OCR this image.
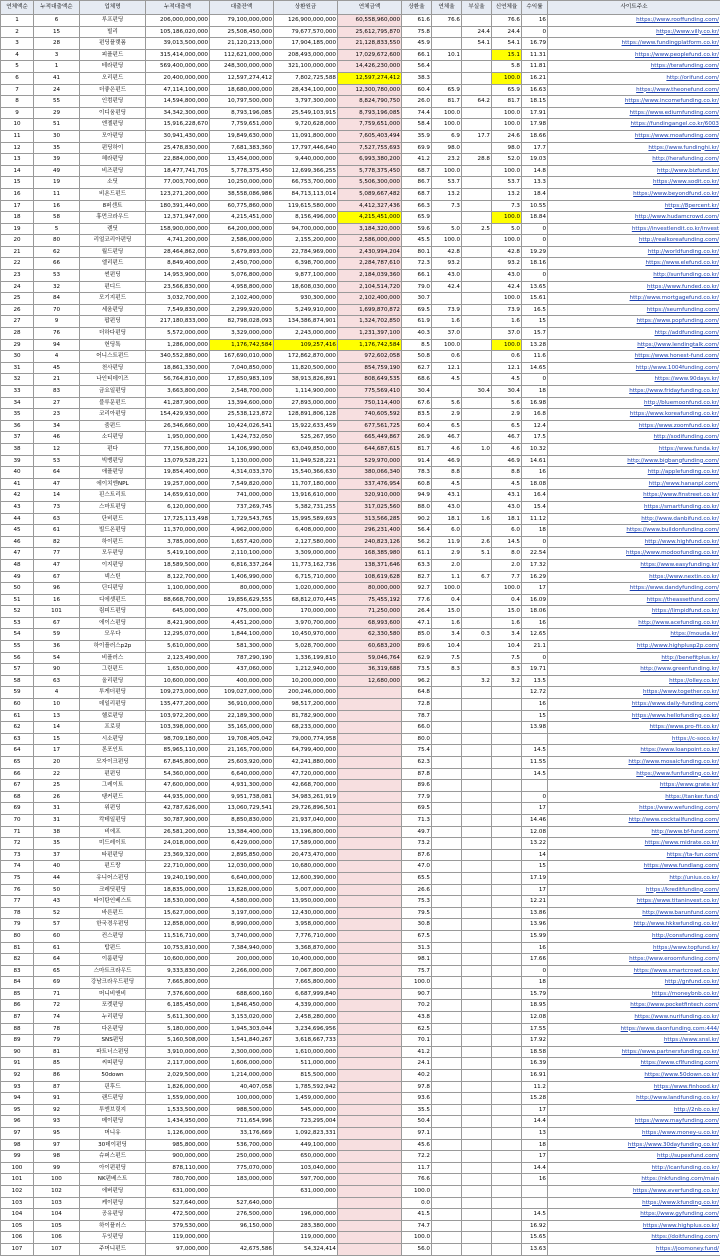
연체액순	누적대출액순	업체명	누적대출액	대출잔액	상환원금	연체금액	상환율	연체율	부실율	신연체율	수익률	사이트주소
1	6	루프펀딩	206,000,000,000	79,100,000,000	126,900,000,000	60,558,960,000	61.6	76.6		76.6	16	https://www.rooffunding.com/
2	15	빌리	105,186,020,000	25,508,450,000	79,677,570,000	25,612,795,870	75.8		24.4	24.4	0	https://www.villy.co.kr/
3	28	펀딩플랫폼	39,013,500,000	21,120,213,000	17,904,185,000	21,128,833,550	45.9		54.1	54.1	16.79	https://www.fundingplatform.co.kr/
4	3	피플펀드	315,414,000,000	112,621,000,000	208,493,000,000	17,029,672,600	66.1	10.1		15.1	11.31	https://www.peoplefund.co.kr/
5	1	테라펀딩	569,400,000,000	248,300,000,000	321,100,000,000	14,426,230,000	56.4			5.8	11.81	https://terafunding.com/
6	41	오리펀드	20,400,000,000	12,597,274,412	7,802,725,588	12,597,274,412	38.3			100.0	16.21	http://orifund.com/
7	24	더좋은펀드	47,114,100,000	18,680,000,000	28,434,100,000	12,300,780,000	60.4	65.9		65.9	16.63	https://www.theonefund.com/
8	55	인컴펀딩	14,594,800,000	10,797,500,000	3,797,300,000	8,824,790,750	26.0	81.7	64.2	81.7	18.15	https://www.incomefunding.co.kr/
9	29	이디움펀딩	34,342,300,000	8,793,196,085	25,549,103,915	8,793,196,085	74.4	100.0		100.0	17.91	https://www.ediumfunding.com/
10	51	엔젤펀딩	15,916,228,670	7,759,651,000	9,720,628,000	7,759,651,000	58.4	100.0		100.0	17.98	https://fundingangel.co.kr/6003
11	30	모아펀딩	30,941,430,000	19,849,630,000	11,091,800,000	7,605,403,494	35.9	6.9	17.7	24.6	18.66	https://www.moafunding.com/
12	35	펀딩하이	25,478,830,000	7,681,383,360	17,797,446,640	7,527,755,693	69.9	98.0		98.0	17.7	https://www.fundinghi.kr/
13	39	헤라펀딩	22,884,000,000	13,454,000,000	9,440,000,000	6,993,380,200	41.2	23.2	28.8	52.0	19.03	http://herafunding.com/
14	49	비즈펀딩	18,477,741,705	5,778,375,450	12,699,366,255	5,778,375,450	68.7	100.0		100.0	14.8	http://www.bizfund.kr/
15	19	소딧	77,003,700,000	10,250,000,000	66,753,700,000	5,506,300,000	86.7	53.7		53.7	13.3	https://www.sodit.co.kr/
16	11	비욘드펀드	123,271,200,000	38,558,086,986	84,713,113,014	5,089,667,482	68.7	13.2		13.2	18.4	https://www.beyondfund.co.kr/
17	16	8퍼센트	180,391,440,000	60,775,860,000	119,615,580,000	4,412,327,436	66.3	7.3		7.3	10.55	https://8percent.kr/
18	58	휴먼크라우드	12,371,947,000	4,215,451,000	8,156,496,000	4,215,451,000	65.9			100.0	18.84	http://www.hudamcrowd.com/
19	5	렌딧	158,900,000,000	64,200,000,000	94,700,000,000	3,184,320,000	59.6	5.0	2.5	5.0	0	https://investlendit.co.kr/invest
20	80	리얼코리아펀딩	4,741,200,000	2,586,000,000	2,155,200,000	2,586,000,000	45.5	100.0		100.0	0	http://realkoreafunding.com/
21	62	월드펀딩	28,464,862,000	5,679,893,000	22,784,969,000	2,430,994,204	80.1	42.8		42.8	19.29	http://worldfunding.co.kr/
22	66	엘리펀드	8,849,400,000	2,450,700,000	6,398,700,000	2,284,787,610	72.3	93.2		93.2	18.16	https://www.elefund.co.kr/
23	53	썬펀딩	14,953,900,000	5,076,800,000	9,877,100,000	2,184,039,360	66.1	43.0		43.0	0	http://sunfunding.co.kr/
24	32	펀디드	23,566,830,000	4,958,800,000	18,608,030,000	2,104,514,720	79.0	42.4		42.4	13.65	https://www.funded.co.kr/
25	84	모기지펀드	3,032,700,000	2,102,400,000	930,300,000	2,102,400,000	30.7			100.0	15.61	http://www.mortgagefund.co.kr/
26	70	세움펀딩	7,549,830,000	2,299,920,000	5,249,910,000	1,699,870,872	69.5	73.9		73.9	16.5	https://seumfunding.com/
27	9	팝펀딩	217,180,833,000	82,798,028,093	134,386,874,901	1,324,702,850	61.9	1.6		1.6	15	https://www.popfunding.com/
28	76	더하다펀딩	5,572,000,000	3,329,000,000	2,243,000,000	1,231,397,100	40.3	37.0		37.0	15.7	http://addfunding.com/
29	94	헌딩톡	1,286,000,000	1,176,742,584	109,257,416	1,176,742,584	8.5	100.0		100.0	13.28	https://www.lendingtalk.com/
30	4	어니스트펀드	340,552,880,000	167,690,010,000	172,862,870,000	972,602,058	50.8	0.6		0.6	11.6	https://www.honest-fund.com/
31	45	천사펀딩	18,861,330,000	7,040,850,000	11,820,500,000	854,759,190	62.7	12.1		12.1	14.65	http://www.1004funding.com/
32	21	나인티데이즈	56,764,810,000	17,850,983,109	38,913,826,891	808,649,535	68.6	4.5		4.5	0	https://www.90days.kr/
33	83	금요일펀딩	3,663,800,000	2,548,700,000	1,114,900,000	775,569,410	30.4		30.4	30.4	18	https://www.fridayfunding.co.kr/
34	27	블루문펀드	41,287,900,000	13,394,600,000	27,893,000,000	750,114,400	67.6	5.6		5.6	16.98	http://bluemoonfund.co.kr/
35	23	코리아펀딩	154,429,930,000	25,538,123,872	128,891,806,128	740,605,592	83.5	2.9		2.9	16.8	https://www.koreafunding.co.kr/
36	34	줌펀드	26,346,660,000	10,424,026,541	15,922,633,459	677,561,725	60.4	6.5		6.5	12.4	https://www.zoomfund.co.kr/
37	46	소디펀딩	1,950,000,000	1,424,732,050	525,267,950	665,449,867	26.9	46.7		46.7	17.5	http://sodifunding.com/
38	12	펀다	77,156,800,000	14,106,990,000	63,049,850,000	644,687,615	81.7	4.6	1.0	4.6	10.32	https://www.funda.kr/
39	53	빅뱅펀딩	13,079,528,221	1,130,000,000	11,949,528,221	529,970,000	91.4	46.9		46.9	14.61	http://www.bigbangfunding.com/
40	64	애플펀딩	19,854,400,000	4,314,033,370	15,540,366,630	380,066,340	78.3	8.8		8.8	16	http://applefunding.co.kr/
41	47	에이치엔NPL	19,257,000,000	7,549,820,000	11,707,180,000	337,476,954	60.8	4.5		4.5	18.08	http://www.hananpl.com/
42	14	핀스트리트	14,659,610,000	741,000,000	13,916,610,000	320,910,000	94.9	43.1		43.1	16.4	https://www.finstreet.co.kr/
43	73	스마트펀딩	6,120,000,000	737,269,745	5,382,731,255	317,025,560	88.0	43.0		43.0	15.4	https://smartfunding.co.kr/
44	63	단비펀드	17,725,113,498	1,729,543,765	15,995,589,693	313,566,285	90.2	18.1	1.6	18.1	11.12	http://www.danbifund.co.kr/
45	61	빌드온펀딩	11,370,000,000	4,962,000,000	6,408,000,000	296,231,400	56.4	6.0		6.0	18	https://www.buildonfunding.com/
46	82	하이펀드	3,785,000,000	1,657,420,000	2,127,580,000	240,823,126	56.2	11.9	2.6	14.5	0	http://www.highfund.co.kr/
47	77	모두펀딩	5,419,100,000	2,110,100,000	3,309,000,000	168,385,980	61.1	2.9	5.1	8.0	22.54	https://www.modoofunding.co.kr/
48	47	이지펀딩	18,589,500,000	6,816,337,264	11,773,162,736	138,371,646	63.3	2.0		2.0	17.32	https://www.easyfunding.kr/
49	67	넥스틴	8,122,700,000	1,406,990,000	6,715,710,000	108,619,628	82.7	1.1	6.7	7.7	16.29	https://www.nextin.co.kr/
50	96	딘디펀딩	1,100,000,000	80,000,000	1,020,000,000	80,000,000	92.7	100.0		100.0	17	https://www.dandyfunding.com/
51	16	디에셋펀드	88,668,700,000	19,856,629,555	68,812,070,445	75,455,192	77.6	0.4		0.4	16.09	https://theassetfund.com/
52	101	림피드펀딩	645,000,000	475,000,000	170,000,000	71,250,000	26.4	15.0		15.0	18.06	https://limpidfund.co.kr/
53	67	에이스펀딩	8,421,900,000	4,451,200,000	3,970,700,000	68,993,600	47.1	1.6		1.6	16	http://www.acefunding.co.kr/
54	59	모우다	12,295,070,000	1,844,100,000	10,450,970,000	62,330,580	85.0	3.4	0.3	3.4	12.65	https://mouda.kr/
55	36	하이플러스p2p	5,610,000,000	581,300,000	5,028,700,000	60,683,200	89.6	10.4		10.4	21.1	http://www.highplusp2p.com/
56	54	비플러스	2,123,490,000	787,290,190	1,336,199,810	59,046,764	62.9	7.5		7.5	0	http://benefitplus.kr/
57	90	그린펀드	1,650,000,000	437,060,000	1,212,940,000	36,319,688	73.5	8.3		8.3	19.71	http://www.greenfunding.kr/
58	63	올리펀딩	10,600,000,000	400,000,000	10,200,000,000	12,680,000	96.2		3.2	3.2	13.5	https://olley.co.kr/
59	4	투게더펀딩	109,273,000,000	109,027,000,000	200,246,000,000		64.8				12.72	https://www.together.co.kr/
60	10	데일리펀딩	135,477,200,000	36,910,000,000	98,517,200,000		72.8				16	https://www.daily-funding.com/
61	13	헬로펀딩	103,972,200,000	22,189,300,000	81,782,900,000		78.7				15	https://www.hellofunding.co.kr/
62	14	프로핏	103,398,000,000	35,165,000,000	68,233,000,000		66.0				13.98	https://www.pro-fit.co.kr/
63	15	시소펀딩	98,709,180,000	19,708,405,042	79,000,774,958		80.0					https://c-soco.kr/
64	17	론포인트	85,965,110,000	21,165,700,000	64,799,400,000		75.4				14.5	https://www.loanpoint.co.kr/
65	20	모자이크펀딩	67,845,800,000	25,603,920,000	42,241,880,000		62.3				11.55	http://www.mosaicfunding.co.kr/
66	22	펀펀딩	54,360,000,000	6,640,000,000	47,720,000,000		87.8				14.5	https://www.funfunding.co.kr/
67	25	그레이트	47,600,000,000	4,931,300,000	42,668,700,000		89.6					https://www.grate.kr/
68	26	탱커펀드	44,935,000,000	9,951,738,081	34,983,261,919		77.9				0	https://tanker.fund/
69	31	위펀딩	42,787,626,000	13,060,729,541	29,726,896,501		69.5				17	https://www.wefunding.com/
70	31	칵테일펀딩	30,787,900,000	8,850,830,000	21,937,040,000		71.3				14.46	http://www.cocktailfunding.com/
71	38	비에프	26,581,200,000	13,384,400,000	13,196,800,000		49.7				12.08	http://www.bf-fund.com/
72	35	미드레이트	24,018,000,000	6,429,000,000	17,589,000,000		73.2				13.22	https://www.midrate.co.kr/
73	37	타펀펀딩	23,369,320,000	2,895,850,000	20,473,470,000		87.6				14	https://ta-fun.com/
74	40	펀드랑	22,710,000,000	12,030,000,000	10,680,000,000		47.0				15	https://www.fundlang.com/
75	44	유니어스펀딩	19,240,190,000	6,640,000,000	12,600,390,000		65.5				17.19	http://unius.co.kr/
76	50	크레딧펀딩	18,835,000,000	13,828,000,000	5,007,000,000		26.6				17	https://kreditfunding.com/
77	43	타이탄인베스트	18,530,000,000	4,580,000,000	13,950,000,000		75.3				12.21	https://www.titaninvest.co.kr/
78	52	바른펀드	15,627,000,000	3,197,000,000	12,430,000,000		79.5				13.86	http://www.barunfund.com/
79	57	한국경우펀딩	12,858,000,000	8,990,000,000	3,958,000,000		30.8				13.96	http://www.hkkwfunding.co.kr/
80	60	컨스펀딩	11,516,710,000	3,740,000,000	7,776,710,000		67.5				15.99	http://consfunding.com/
81	61	탑펀드	10,753,810,000	7,384,940,000	3,368,870,000		31.3				16	https://www.topfund.kr/
82	64	이룸펀딩	10,600,000,000	200,000,000	10,400,000,000		98.1				17.66	https://www.eroomfunding.com/
83	65	스마트크라우드	9,333,830,000	2,266,000,000	7,067,800,000		75.7				0	https://www.smartcrowd.co.kr/
84	69	강남크라우드펀딩	7,665,800,000		7,665,800,000		100.0				18	http://gnfund.co.kr/
85	71	머니비앤비	7,376,600,000	688,600,160	6,687,999,840		90.7				15.79	https://moneybnb.co.kr/
86	72	포켓펀딩	6,185,450,000	1,846,450,000	4,339,000,000		70.2				18.95	https://www.pocketfintech.com/
87	74	누리펀딩	5,611,300,000	3,153,020,000	2,458,280,000		43.8				12.08	https://www.nurifunding.co.kr/
88	78	다온펀딩	5,180,000,000	1,945,303,044	3,234,696,956		62.5				17.55	https://www.daonfunding.com:444/
89	79	SNS펀딩	5,160,508,000	1,541,840,267	3,618,667,733		70.1				17.92	https://www.snsl.kr/
90	81	파트너스펀딩	3,910,000,000	2,300,000,000	1,610,000,000		41.2				18.58	https://www.partnersfunding.co.kr/
91	85	씨띠펀딩	2,117,000,000	1,606,000,000	511,000,000		24.1				16.39	https://www.cflfunding.com/
92	86	50down	2,029,500,000	1,214,000,000	815,500,000		40.2				16.91	https://www.50down.co.kr/
93	87	핀후드	1,826,000,000	40,407,058	1,785,592,942		97.8				11.2	https://www.finhood.kr/
94	91	랜드펀딩	1,559,000,000	100,000,000	1,459,000,000		93.6				15.28	http://www.landfunding.co.kr/
95	92	투엔브릿지	1,533,500,000	988,500,000	545,000,000		35.5				17	http://2nb.co.kr/
96	93	메이펀딩	1,434,950,000	711,654,996	723,295,004		50.4				14.4	https://www.mayfunding.com/
97	95	머니유	1,126,000,000	33,176,669	1,092,823,331		97.1				13	https://www.money-u.co.kr/
98	97	30데이펀딩	985,800,000	536,700,000	449,100,000		45.6				18	https://www.30dayfunding.co.kr/
99	98	슈퍼스펀드	900,000,000	250,000,000	650,000,000		72.2				17	http://supexfund.com/
100	99	아이펀펀딩	878,110,000	775,070,000	103,040,000		11.7				14.4	http://icanfunding.co.kr/
101	100	NK펀베스트	780,700,000	183,000,000	597,700,000		76.6				16	https://nkfunding.com/main
102	102	에버펀딩	631,000,000		631,000,000		100.0					https://www.everfunding.co.kr/
103	103	케이펀딩	527,640,000	527,640,000			0.0					https://www.kfunding.co.kr/
104	104	공유펀딩	472,500,000	276,500,000	196,000,000		41.5				14.5	https://www.gyfunding.com/
105	105	하이플러스	379,530,000	96,150,000	283,380,000		74.7				16.92	https://www.highplus.co.kr/
106	106	두잇펀딩	119,000,000		119,000,000		100.0				15.65	https://doitfunding.com/
107	107	주머니펀드	97,000,000	42,675,586	54,324,414		56.0				13.63	https://joomoney.fund/
